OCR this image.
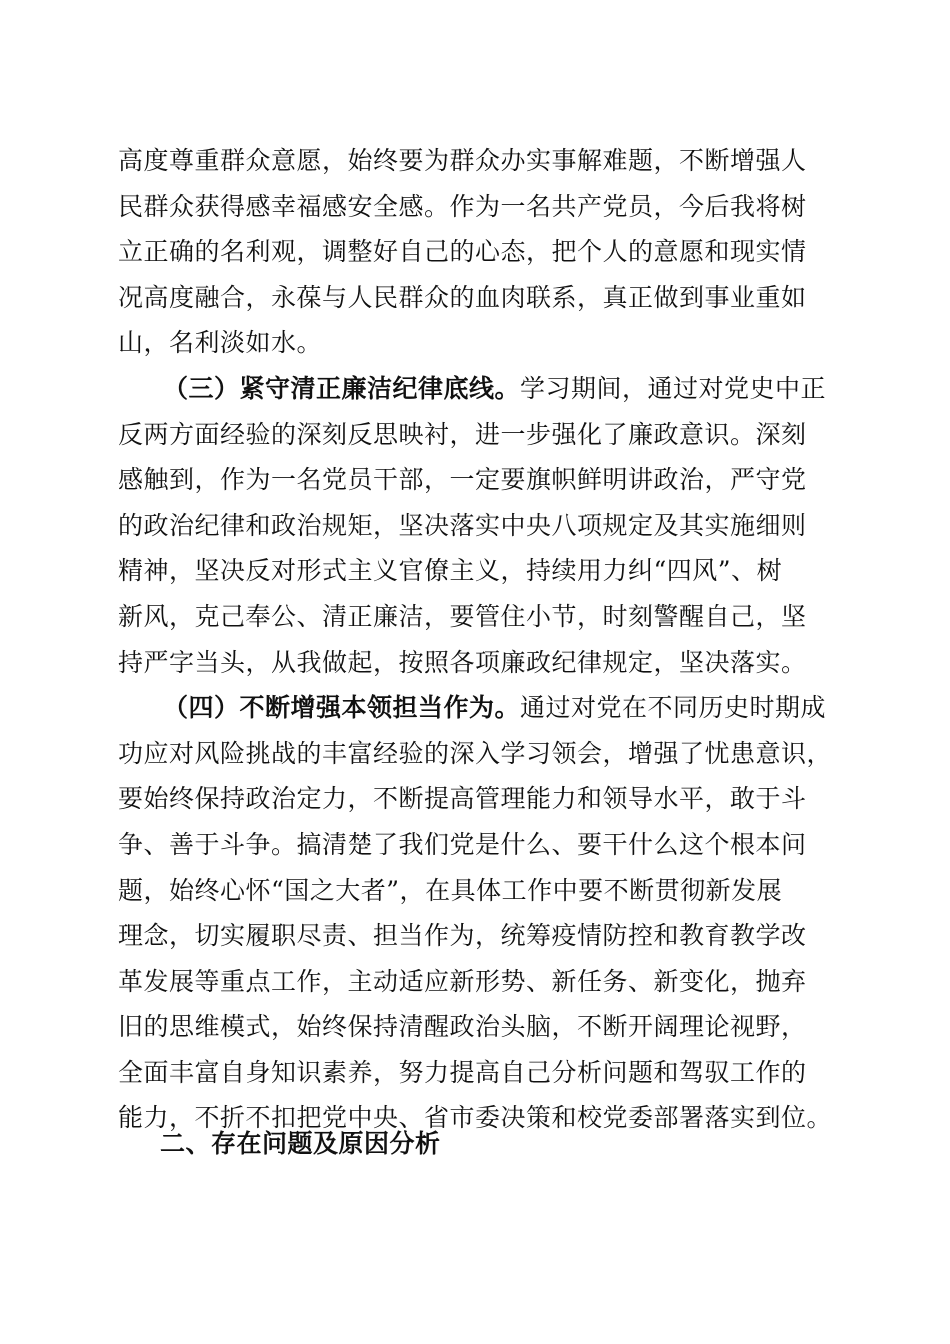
高度尊重群众意愿，始终要为群众办实事解难题，不断增强人
民群众获得感幸福感安全感。作为一名共产党员，今后我将树
立正确的名利观，调整好自己的心态，把个人的意愿和现实情
况高度融合，永葆与人民群众的血肉联系，真正做到事业重如
山，名利淡如水。
（三）紧守清正廉洁纪律底线。学习期间，通过对党史中正
反两方面经验的深刻反思映衬，进一步强化了廉政意识。深刻
感触到，作为一名党员干部，一定要旗帜鲜明讲政治，严守党
的政治纪律和政治规矩，坚决落实中央八项规定及其实施细则
精神，坚决反对形式主义官僚主义，持续用力纠“四风”、树
新风，克己奉公、清正廉洁，要管住小节，时刻警醒自己，坚
持严字当头，从我做起，按照各项廉政纪律规定，坚决落实。
（四）不断增强本领担当作为。通过对党在不同历史时期成
功应对风险挑战的丰富经验的深入学习领会，增强了忧患意识，
要始终保持政治定力，不断提高管理能力和领导水平，敢于斗
争、善于斗争。搞清楚了我们党是什么、要干什么这个根本问
题，始终心怀“国之大者”，在具体工作中要不断贯彻新发展
理念，切实履职尽责、担当作为，统筹疫情防控和教育教学改
革发展等重点工作，主动适应新形势、新任务、新变化，抛弃
旧的思维模式，始终保持清醒政治头脑，不断开阔理论视野，
全面丰富自身知识素养，努力提高自己分析问题和驾驭工作的
能力，不折不扣把党中央、省市委决策和校党委部署落实到位。
二、存在问题及原因分析
